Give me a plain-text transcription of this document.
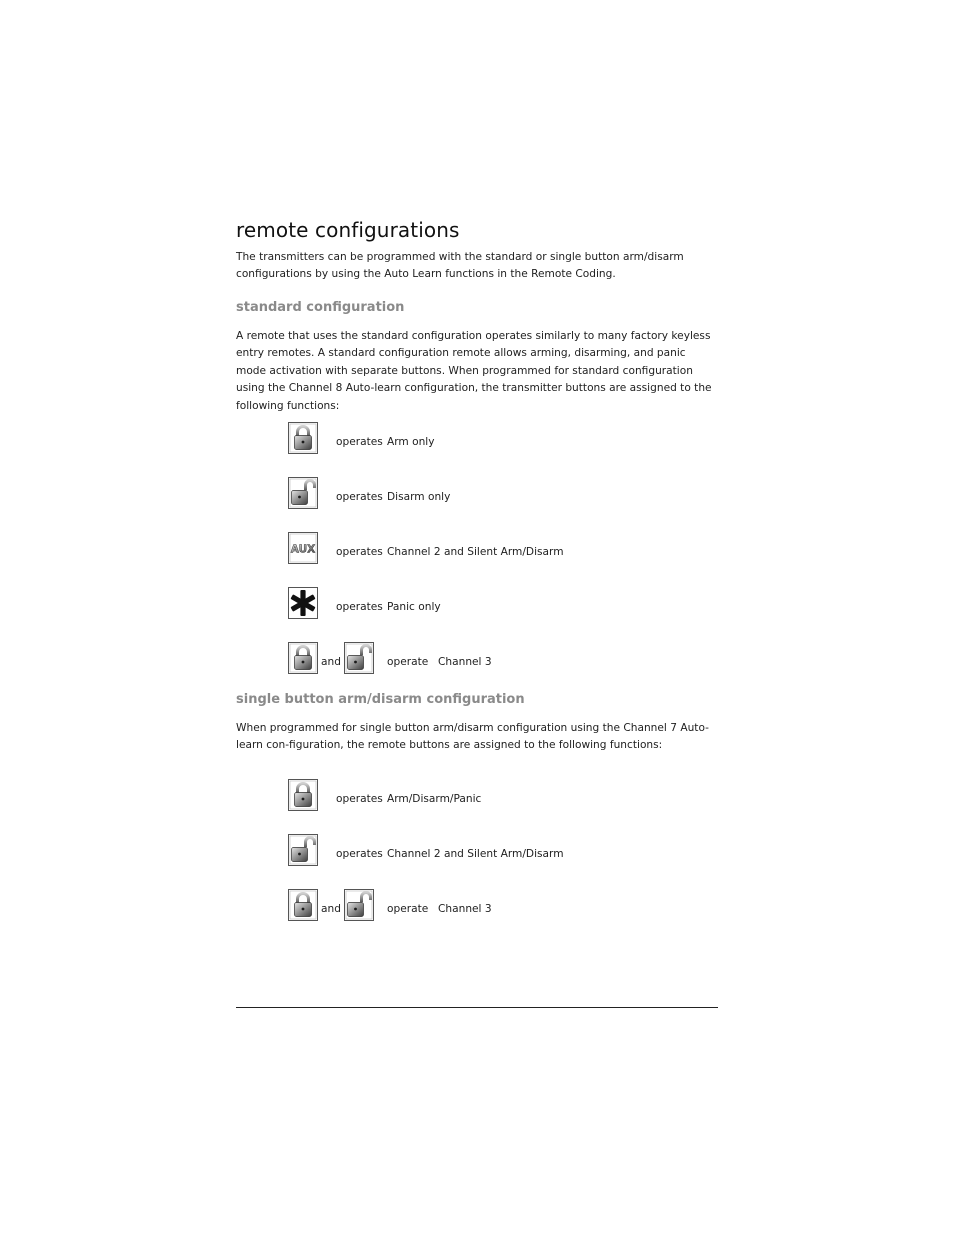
remote configurations

The transmitters can be programmed with the standard or single button arm/disarm configurations by using the Auto Learn functions in the Remote Coding.

standard configuration

A remote that uses the standard configuration operates similarly to many factory keyless entry remotes. A standard configuration remote allows arming, disarming, and panic mode activation with separate buttons. When programmed for standard configuration using the Channel 8 Auto-learn configuration, the transmitter buttons are assigned to the following functions:

operates Arm only
operates Disarm only
operates Channel 2 and Silent Arm/Disarm
operates Panic only
and	operate Channel 3
single button arm/disarm configuration

When programmed for single button arm/disarm configuration using the Channel 7 Auto-learn con-figuration, the remote buttons are assigned to the following functions:

operates Arm/Disarm/Panic
operates Channel 2 and Silent Arm/Disarm
and	operate Channel 3
